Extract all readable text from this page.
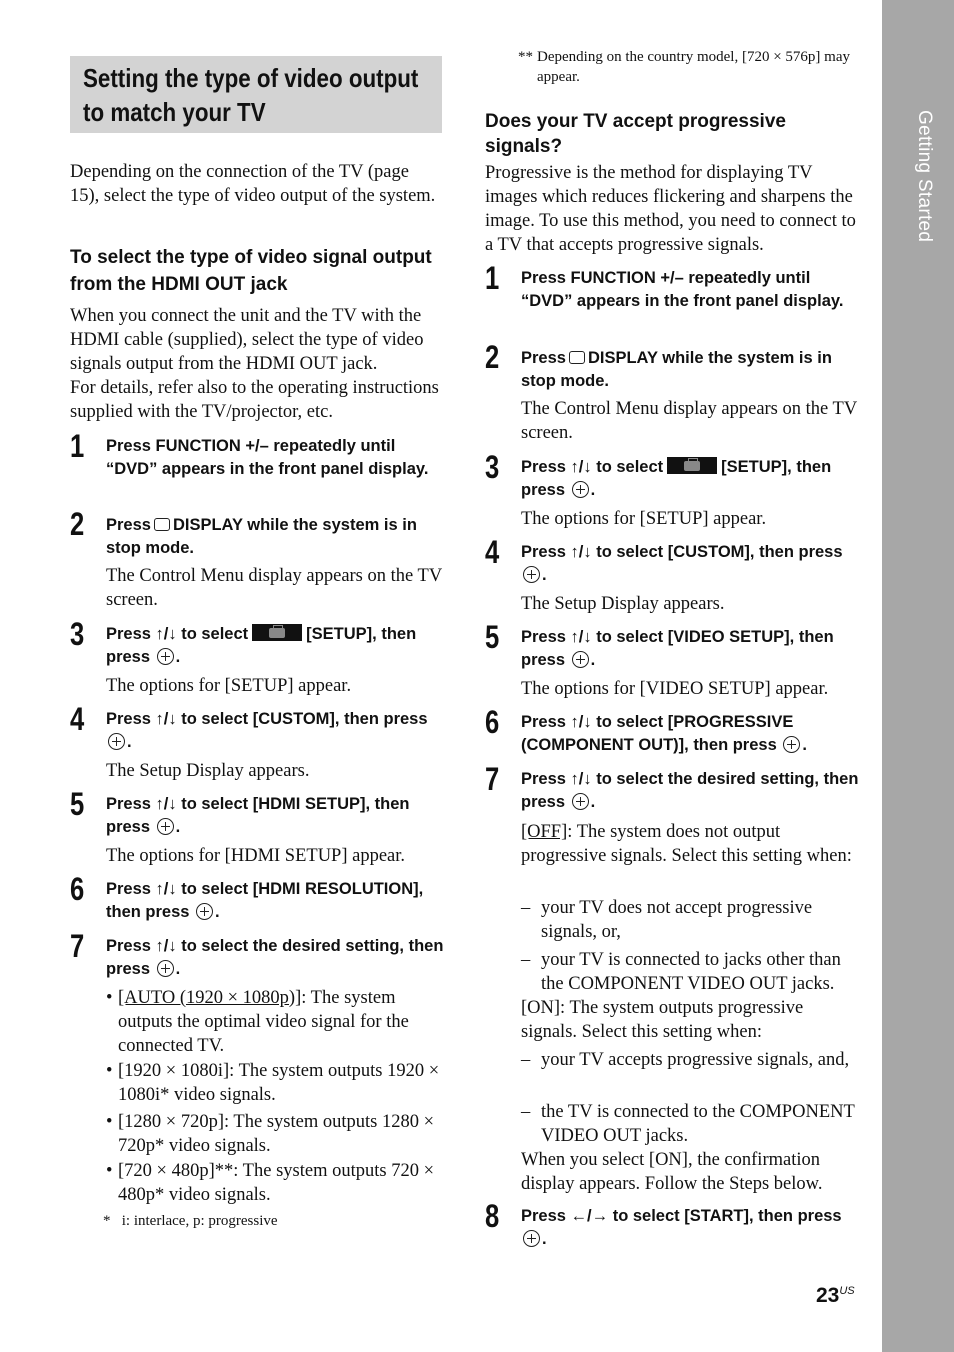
Getting Started
Setting the type of video output to match your TV
Depending on the connection of the TV (page 15), select the type of video output of the system.
To select the type of video signal output from the HDMI OUT jack
When you connect the unit and the TV with the HDMI cable (supplied), select the type of video signals output from the HDMI OUT jack.
For details, refer also to the operating instructions supplied with the TV/projector, etc.
1 Press FUNCTION +/– repeatedly until “DVD” appears in the front panel display.
2 Press DISPLAY while the system is in stop mode.
The Control Menu display appears on the TV screen.
3 Press ↑/↓ to select	[SETUP], then press .
The options for [SETUP] appear.
4 Press ↑/↓ to select [CUSTOM], then press .
The Setup Display appears.
5 Press ↑/↓ to select [HDMI SETUP], then press .
The options for [HDMI SETUP] appear.
6 Press ↑/↓ to select [HDMI RESOLUTION], then press .
7 Press ↑/↓ to select the desired setting, then press .
• [AUTO (1920 × 1080p)]: The system outputs the optimal video signal for the connected TV.
• [1920 × 1080i]: The system outputs 1920 × 1080i* video signals.
• [1280 × 720p]: The system outputs 1280 × 720p* video signals.
• [720 × 480p]**: The system outputs 720 × 480p* video signals.
* i: interlace, p: progressive
** Depending on the country model, [720 × 576p] may appear.
Does your TV accept progressive signals?
Progressive is the method for displaying TV images which reduces flickering and sharpens the image. To use this method, you need to connect to a TV that accepts progressive signals.
1 Press FUNCTION +/– repeatedly until “DVD” appears in the front panel display.
2 Press DISPLAY while the system is in stop mode.
The Control Menu display appears on the TV screen.
3 Press ↑/↓ to select	[SETUP], then press .
The options for [SETUP] appear.
4 Press ↑/↓ to select [CUSTOM], then press .
The Setup Display appears.
5 Press ↑/↓ to select [VIDEO SETUP], then press .
The options for [VIDEO SETUP] appear.
6 Press ↑/↓ to select [PROGRESSIVE (COMPONENT OUT)], then press .
7 Press ↑/↓ to select the desired setting, then press .
[OFF]: The system does not output progressive signals. Select this setting when:
– your TV does not accept progressive signals, or,
– your TV is connected to jacks other than the COMPONENT VIDEO OUT jacks.
[ON]: The system outputs progressive signals. Select this setting when:
– your TV accepts progressive signals, and,
– the TV is connected to the COMPONENT VIDEO OUT jacks.
When you select [ON], the confirmation display appears. Follow the Steps below.
8 Press ←/→ to select [START], then press .
$23^{US}$
